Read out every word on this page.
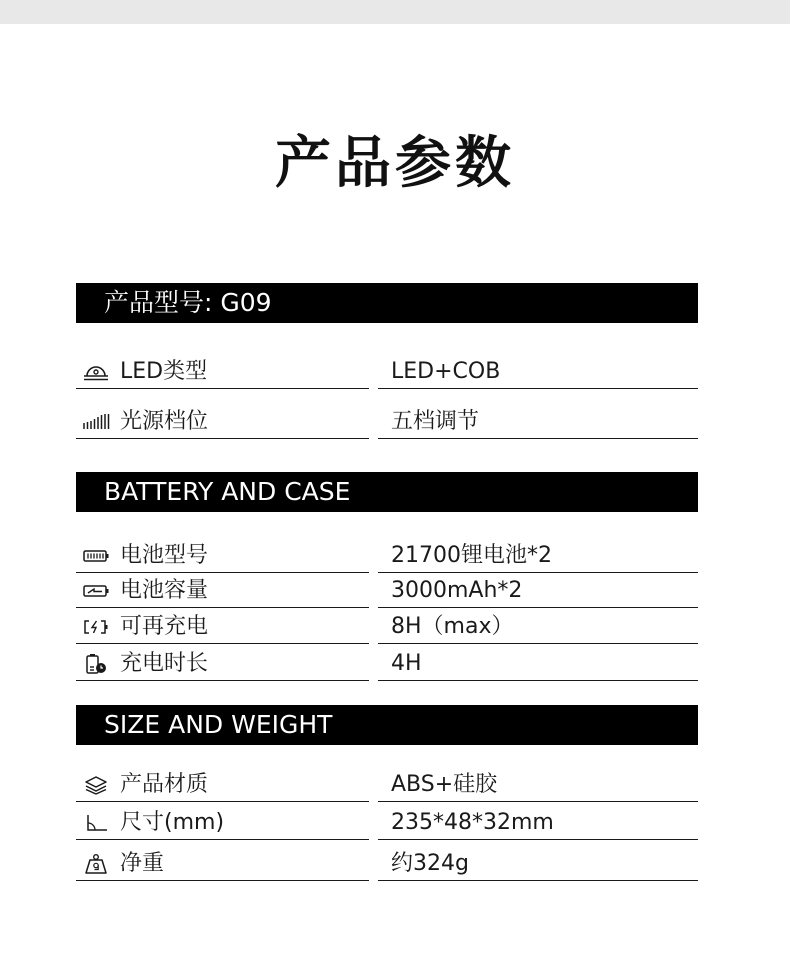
产品参数
产品型号: G09
LED类型	LED+COB
光源档位	五档调节
BATTERY AND CASE
电池型号	21700锂电池*2
电池容量	3000mAh*2
可再充电	8H（max）
充电时长	4H
SIZE AND WEIGHT
产品材质	ABS+硅胶
尺寸(mm)	235*48*32mm
净重	约324g
